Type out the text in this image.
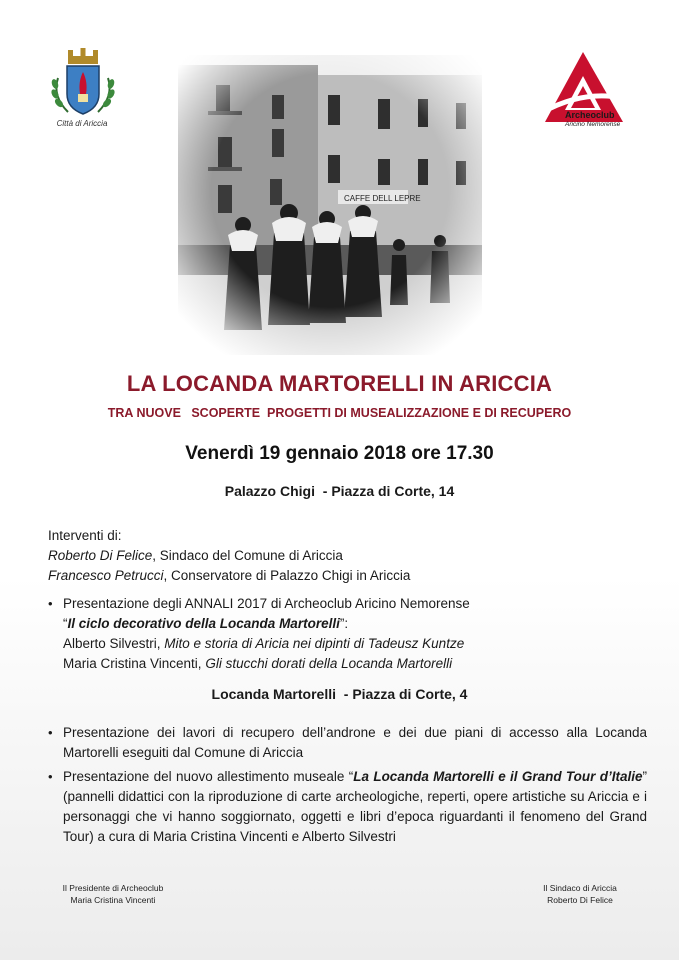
Città di Ariccia
Archeoclub
Aricino Nemorense
LA LOCANDA MARTORELLI IN ARICCIA
TRA NUOVE   SCOPERTE  PROGETTI DI MUSEALIZZAZIONE E DI RECUPERO
Venerdì 19 gennaio 2018 ore 17.30
Palazzo Chigi  - Piazza di Corte, 14
Interventi di:
Roberto Di Felice, Sindaco del Comune di Ariccia
Francesco Petrucci, Conservatore di Palazzo Chigi in Ariccia
• Presentazione degli ANNALI 2017 di Archeoclub Aricino Nemorense
“Il ciclo decorativo della Locanda Martorelli”:
Alberto Silvestri, Mito e storia di Aricia nei dipinti di Tadeusz Kuntze
Maria Cristina Vincenti, Gli stucchi dorati della Locanda Martorelli
Locanda Martorelli  - Piazza di Corte, 4
• Presentazione dei lavori di recupero dell’androne e dei due piani di accesso alla Locanda Martorelli eseguiti dal Comune di Ariccia
• Presentazione del nuovo allestimento museale “La Locanda Martorelli e il Grand Tour d’Italie” (pannelli didattici con la riproduzione di carte archeologiche, reperti, opere artistiche su Ariccia e i personaggi che vi hanno soggiornato, oggetti e libri d’epoca riguardanti il fenomeno del Grand Tour) a cura di Maria Cristina Vincenti e Alberto Silvestri
Il Presidente di Archeoclub
Maria Cristina Vincenti
Il Sindaco di Ariccia
Roberto Di Felice
